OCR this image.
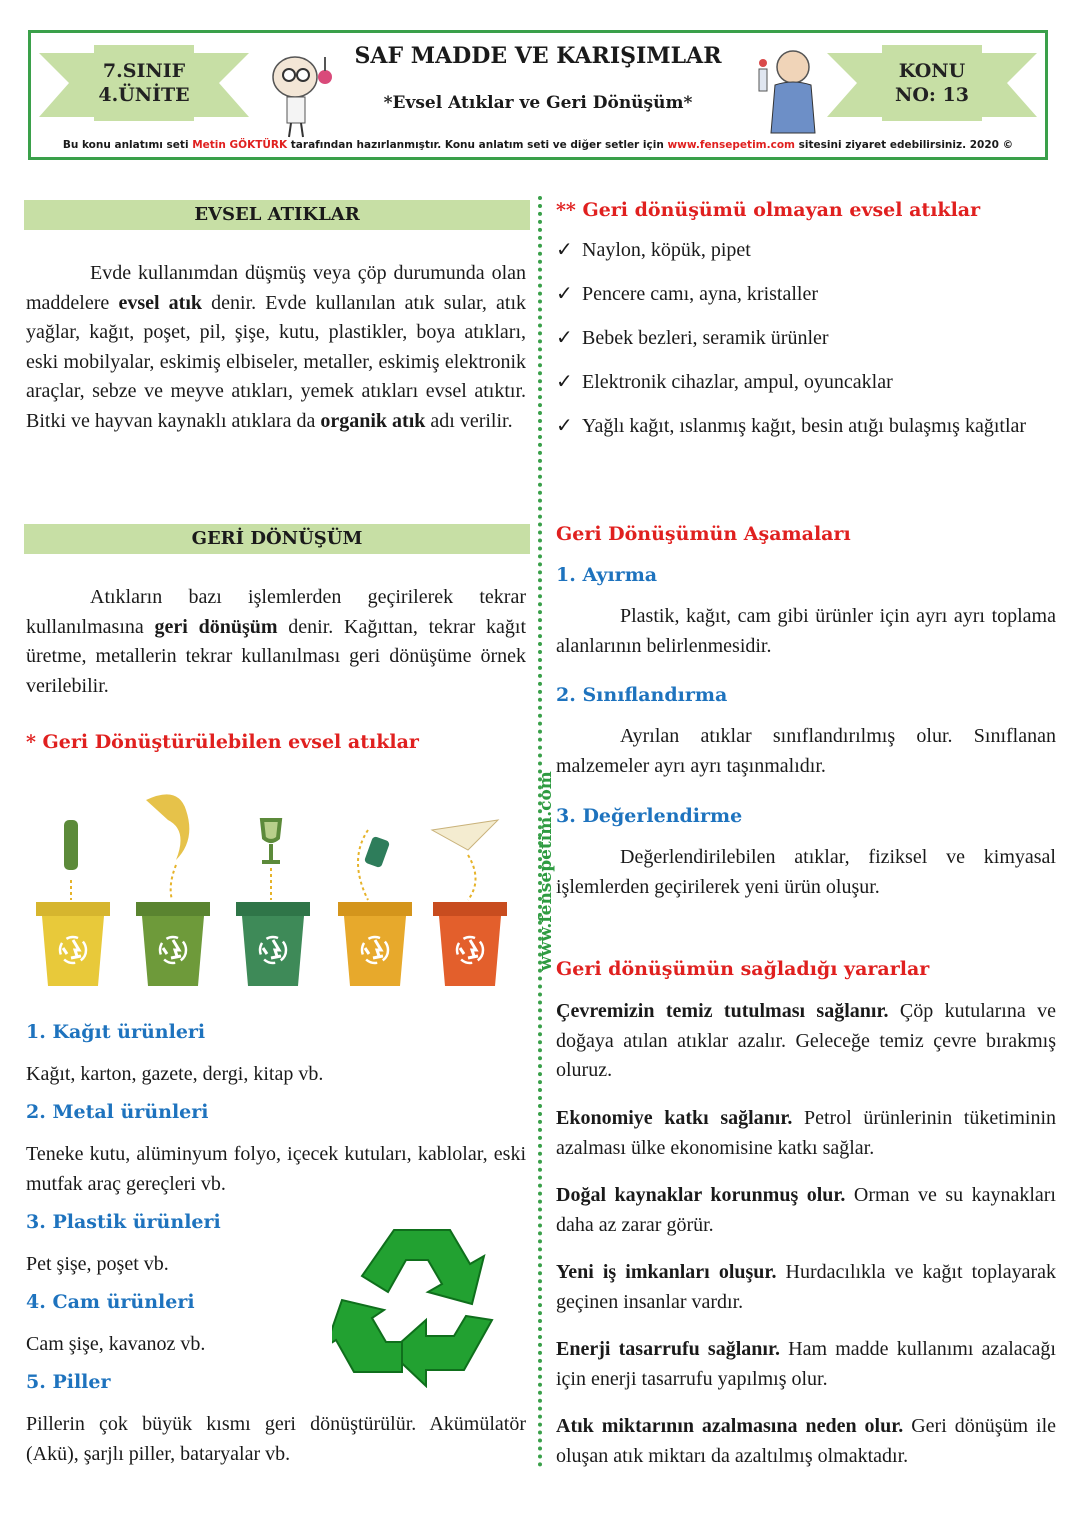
7.SINIF
4.ÜNİTE
SAF MADDE VE KARIŞIMLAR
*Evsel Atıklar ve Geri Dönüşüm*
KONU
NO: 13
Bu konu anlatımı seti Metin GÖKTÜRK tarafından hazırlanmıştır. Konu anlatım seti ve diğer setler için www.fensepetim.com sitesini ziyaret edebilirsiniz. 2020 ©
EVSEL ATIKLAR
Evde kullanımdan düşmüş veya çöp durumunda olan maddelere evsel atık denir. Evde kullanılan atık sular, atık yağlar, kağıt, poşet, pil, şişe, kutu, plastikler, boya atıkları, eski mobilyalar, eskimiş elbiseler, metaller, eskimiş elektronik araçlar, sebze ve meyve atıkları, yemek atıkları evsel atıktır. Bitki ve hayvan kaynaklı atıklara da organik atık adı verilir.
GERİ DÖNÜŞÜM
Atıkların bazı işlemlerden geçirilerek tekrar kullanılmasına geri dönüşüm denir. Kağıttan, tekrar kağıt üretme, metallerin tekrar kullanılması geri dönüşüme örnek verilebilir.
* Geri Dönüştürülebilen evsel atıklar
1. Kağıt ürünleri
Kağıt, karton, gazete, dergi, kitap vb.
2. Metal ürünleri
Teneke kutu, alüminyum folyo, içecek kutuları, kablolar, eski mutfak araç gereçleri vb.
3. Plastik ürünleri
Pet şişe, poşet vb.
4. Cam ürünleri
Cam şişe, kavanoz vb.
5. Piller
Pillerin çok büyük kısmı geri dönüştürülür. Akümülatör (Akü), şarjlı piller, bataryalar vb.
www.fensepetim.com
** Geri dönüşümü olmayan evsel atıklar
✓ Naylon, köpük, pipet
✓ Pencere camı, ayna, kristaller
✓ Bebek bezleri, seramik ürünler
✓ Elektronik cihazlar, ampul, oyuncaklar
✓ Yağlı kağıt, ıslanmış kağıt, besin atığı bulaşmış kağıtlar
Geri Dönüşümün Aşamaları
1. Ayırma
Plastik, kağıt, cam gibi ürünler için ayrı ayrı toplama alanlarının belirlenmesidir.
2. Sınıflandırma
Ayrılan atıklar sınıflandırılmış olur. Sınıflanan malzemeler ayrı ayrı taşınmalıdır.
3. Değerlendirme
Değerlendirilebilen atıklar, fiziksel ve kimyasal işlemlerden geçirilerek yeni ürün oluşur.
Geri dönüşümün sağladığı yararlar
Çevremizin temiz tutulması sağlanır. Çöp kutularına ve doğaya atılan atıklar azalır. Geleceğe temiz çevre bırakmış oluruz.
Ekonomiye katkı sağlanır. Petrol ürünlerinin tüketiminin azalması ülke ekonomisine katkı sağlar.
Doğal kaynaklar korunmuş olur. Orman ve su kaynakları daha az zarar görür.
Yeni iş imkanları oluşur. Hurdacılıkla ve kağıt toplayarak geçinen insanlar vardır.
Enerji tasarrufu sağlanır. Ham madde kullanımı azalacağı için enerji tasarrufu yapılmış olur.
Atık miktarının azalmasına neden olur. Geri dönüşüm ile oluşan atık miktarı da azaltılmış olmaktadır.
